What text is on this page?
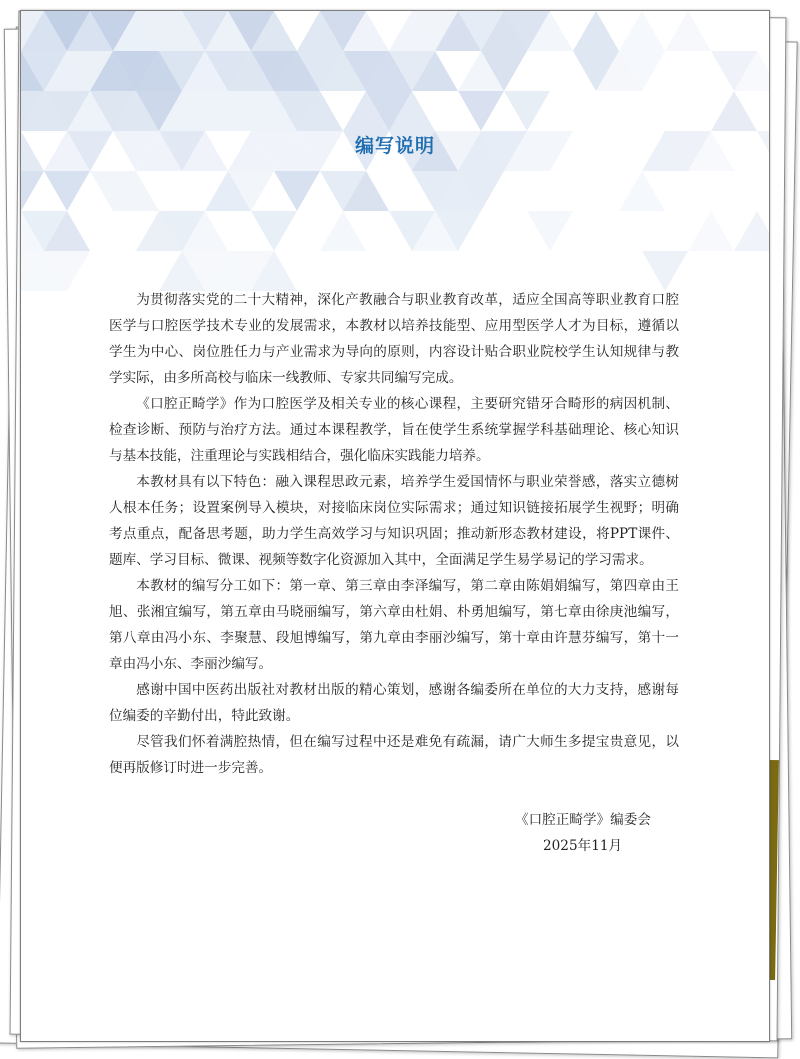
编写说明

为贯彻落实党的二十大精神，深化产教融合与职业教育改革，适应全国高等职业教育口腔医学与口腔医学技术专业的发展需求，本教材以培养技能型、应用型医学人才为目标，遵循以学生为中心、岗位胜任力与产业需求为导向的原则，内容设计贴合职业院校学生认知规律与教学实际，由多所高校与临床一线教师、专家共同编写完成。

《口腔正畸学》作为口腔医学及相关专业的核心课程，主要研究错牙合畸形的病因机制、检查诊断、预防与治疗方法。通过本课程教学，旨在使学生系统掌握学科基础理论、核心知识与基本技能，注重理论与实践相结合，强化临床实践能力培养。

本教材具有以下特色：融入课程思政元素，培养学生爱国情怀与职业荣誉感，落实立德树人根本任务；设置案例导入模块，对接临床岗位实际需求；通过知识链接拓展学生视野；明确考点重点，配备思考题，助力学生高效学习与知识巩固；推动新形态教材建设，将PPT课件、题库、学习目标、微课、视频等数字化资源加入其中，全面满足学生易学易记的学习需求。

本教材的编写分工如下：第一章、第三章由李泽编写，第二章由陈娟娟编写，第四章由王旭、张湘宜编写，第五章由马晓丽编写，第六章由杜娟、朴勇旭编写，第七章由徐庚池编写，第八章由冯小东、李聚慧、段旭博编写，第九章由李丽沙编写，第十章由许慧芬编写，第十一章由冯小东、李丽沙编写。

感谢中国中医药出版社对教材出版的精心策划，感谢各编委所在单位的大力支持，感谢每位编委的辛勤付出，特此致谢。

尽管我们怀着满腔热情，但在编写过程中还是难免有疏漏，请广大师生多提宝贵意见，以便再版修订时进一步完善。

《口腔正畸学》编委会
2025年11月
